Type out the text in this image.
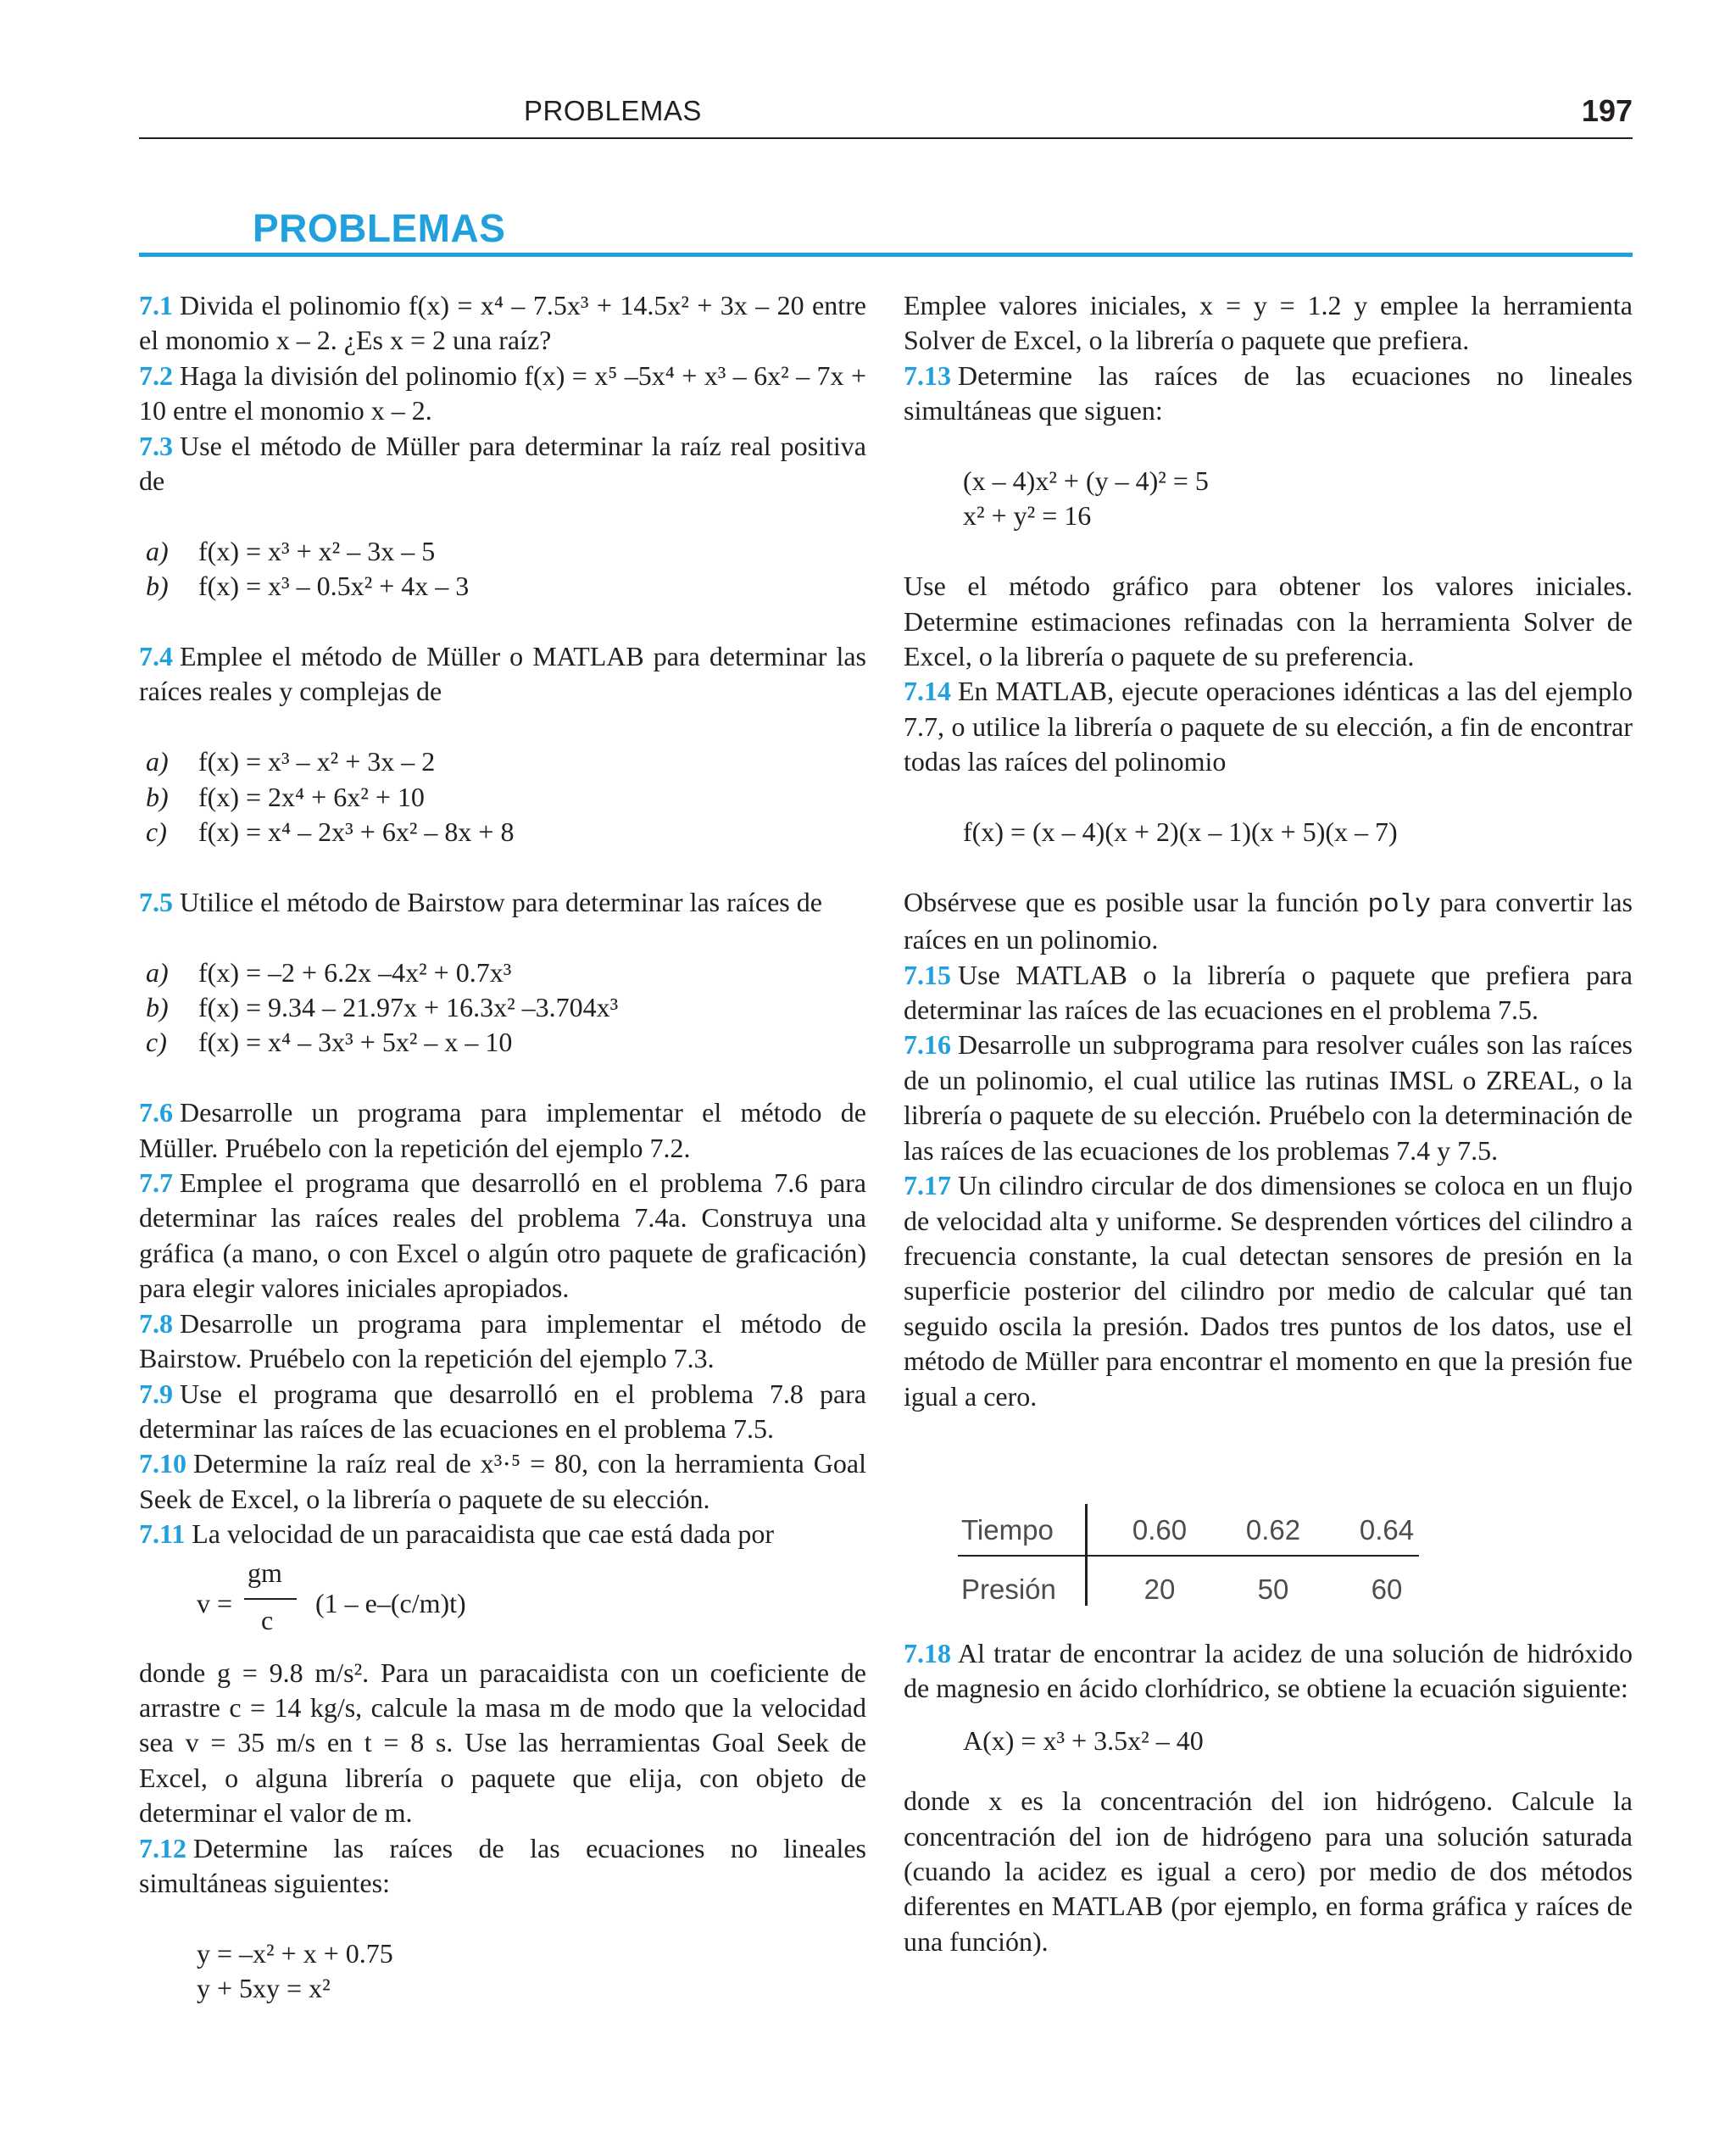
PROBLEMAS	197
PROBLEMAS

7.1 Divida el polinomio f(x) = x⁴ – 7.5x³ + 14.5x² + 3x – 20 entre el monomio x – 2. ¿Es x = 2 una raíz?

7.2 Haga la división del polinomio f(x) = x⁵ –5x⁴ + x³ – 6x² – 7x + 10 entre el monomio x – 2.

7.3 Use el método de Müller para determinar la raíz real positiva de

a) f(x) = x³ + x² – 3x – 5

b) f(x) = x³ – 0.5x² + 4x – 3

7.4 Emplee el método de Müller o MATLAB para determinar las raíces reales y complejas de

a) f(x) = x³ – x² + 3x – 2

b) f(x) = 2x⁴ + 6x² + 10

c) f(x) = x⁴ – 2x³ + 6x² – 8x + 8

7.5 Utilice el método de Bairstow para determinar las raíces de

a) f(x) = –2 + 6.2x –4x² + 0.7x³

b) f(x) = 9.34 – 21.97x + 16.3x² –3.704x³

c) f(x) = x⁴ – 3x³ + 5x² – x – 10

7.6 Desarrolle un programa para implementar el método de Müller. Pruébelo con la repetición del ejemplo 7.2.

7.7 Emplee el programa que desarrolló en el problema 7.6 para determinar las raíces reales del problema 7.4a. Construya una gráfica (a mano, o con Excel o algún otro paquete de graficación) para elegir valores iniciales apropiados.

7.8 Desarrolle un programa para implementar el método de Bairstow. Pruébelo con la repetición del ejemplo 7.3.

7.9 Use el programa que desarrolló en el problema 7.8 para determinar las raíces de las ecuaciones en el problema 7.5.

7.10 Determine la raíz real de x³·⁵ = 80, con la herramienta Goal Seek de Excel, o la librería o paquete de su elección.

7.11 La velocidad de un paracaidista que cae está dada por

v =
gm
c
(1 – e–(c/m)t)

donde g = 9.8 m/s². Para un paracaidista con un coeficiente de arrastre c = 14 kg/s, calcule la masa m de modo que la velocidad sea v = 35 m/s en t = 8 s. Use las herramientas Goal Seek de Excel, o alguna librería o paquete que elija, con objeto de determinar el valor de m.

7.12 Determine las raíces de las ecuaciones no lineales simultáneas siguientes:

y = –x² + x + 0.75

y + 5xy = x²

Emplee valores iniciales, x = y = 1.2 y emplee la herramienta Solver de Excel, o la librería o paquete que prefiera.

7.13 Determine las raíces de las ecuaciones no lineales simultáneas que siguen:

(x – 4)x² + (y – 4)² = 5

x² + y² = 16

Use el método gráfico para obtener los valores iniciales. Determine estimaciones refinadas con la herramienta Solver de Excel, o la librería o paquete de su preferencia.

7.14 En MATLAB, ejecute operaciones idénticas a las del ejemplo 7.7, o utilice la librería o paquete de su elección, a fin de encontrar todas las raíces del polinomio

f(x) = (x – 4)(x + 2)(x – 1)(x + 5)(x – 7)

Obsérvese que es posible usar la función poly para convertir las raíces en un polinomio.

7.15 Use MATLAB o la librería o paquete que prefiera para determinar las raíces de las ecuaciones en el problema 7.5.

7.16 Desarrolle un subprograma para resolver cuáles son las raíces de un polinomio, el cual utilice las rutinas IMSL o ZREAL, o la librería o paquete de su elección. Pruébelo con la determinación de las raíces de las ecuaciones de los problemas 7.4 y 7.5.

7.17 Un cilindro circular de dos dimensiones se coloca en un flujo de velocidad alta y uniforme. Se desprenden vórtices del cilindro a frecuencia constante, la cual detectan sensores de presión en la superficie posterior del cilindro por medio de calcular qué tan seguido oscila la presión. Dados tres puntos de los datos, use el método de Müller para encontrar el momento en que la presión fue igual a cero.

Tiempo	0.60	0.62	0.64
Presión	20	50	60

7.18 Al tratar de encontrar la acidez de una solución de hidróxido de magnesio en ácido clorhídrico, se obtiene la ecuación siguiente:

A(x) = x³ + 3.5x² – 40

donde x es la concentración del ion hidrógeno. Calcule la concentración del ion de hidrógeno para una solución saturada (cuando la acidez es igual a cero) por medio de dos métodos diferentes en MATLAB (por ejemplo, en forma gráfica y raíces de una función).
